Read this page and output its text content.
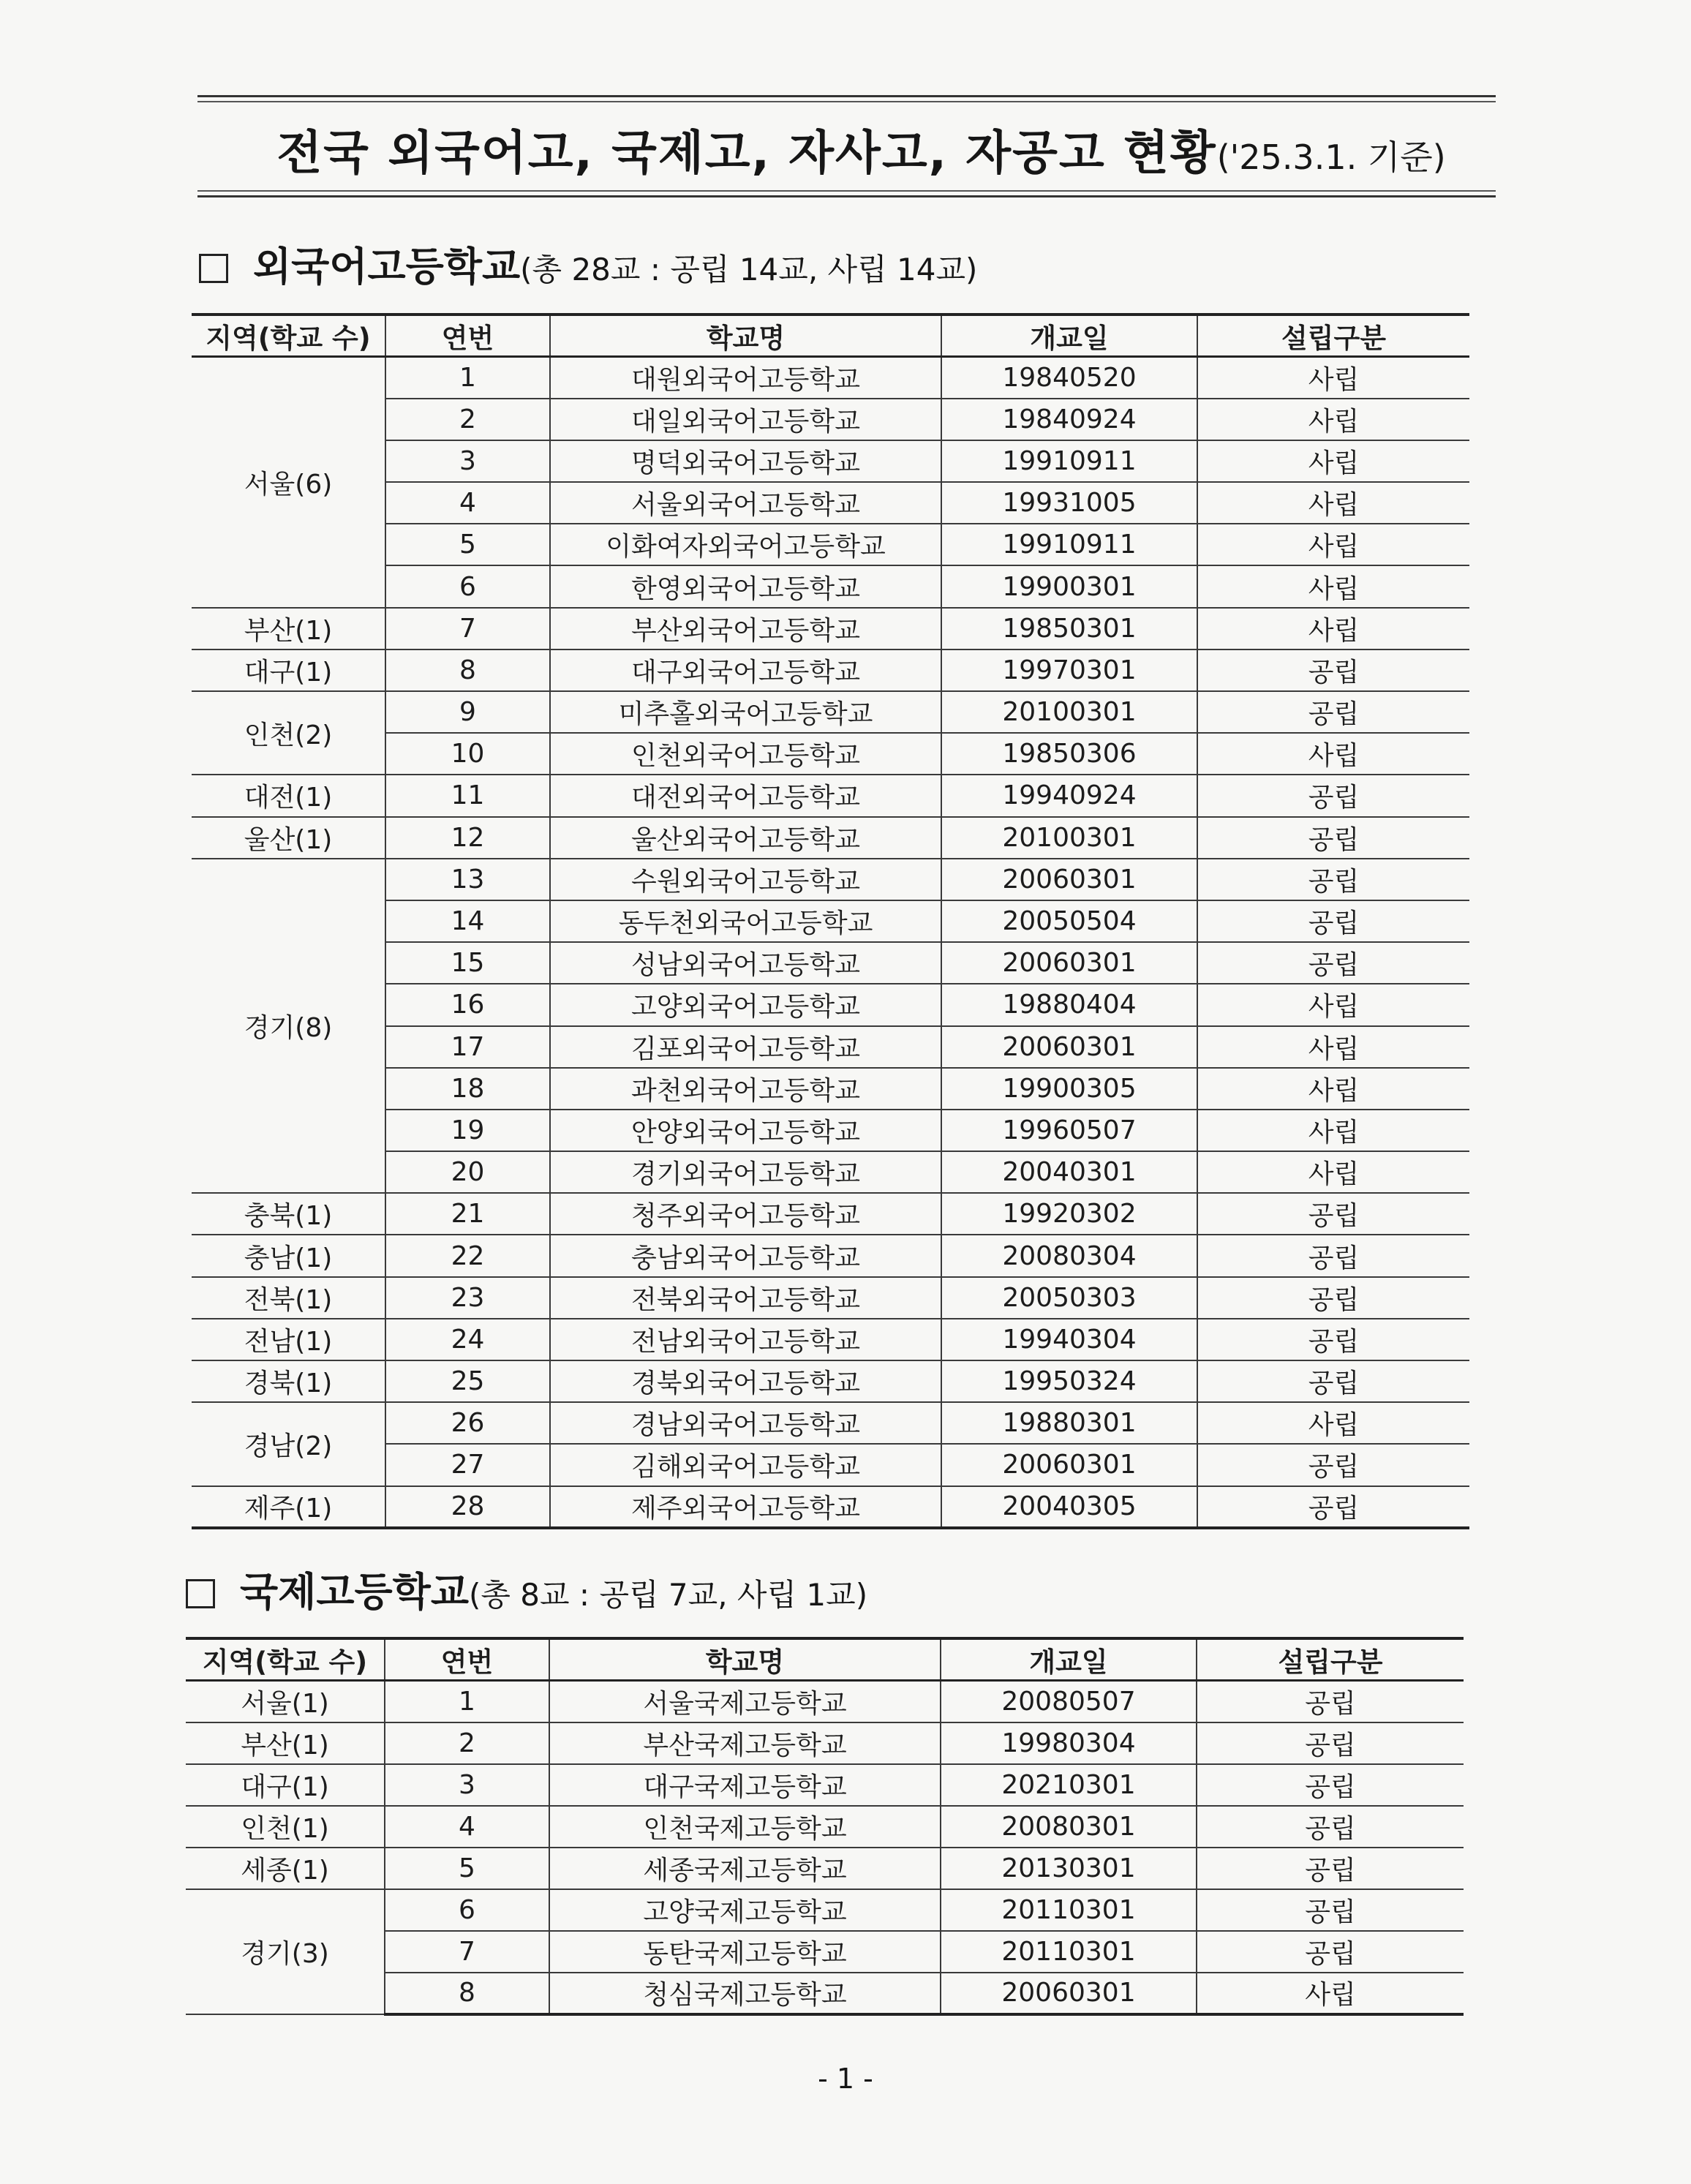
전국 외국어고, 국제고, 자사고, 자공고 현황('25.3.1. 기준)
외국어고등학교(총 28교 : 공립 14교, 사립 14교)
지역(학교 수)	연번	학교명	개교일	설립구분
서울(6)	1	대원외국어고등학교	19840520	사립
	2	대일외국어고등학교	19840924	사립
	3	명덕외국어고등학교	19910911	사립
	4	서울외국어고등학교	19931005	사립
	5	이화여자외국어고등학교	19910911	사립
	6	한영외국어고등학교	19900301	사립
부산(1)	7	부산외국어고등학교	19850301	사립
대구(1)	8	대구외국어고등학교	19970301	공립
인천(2)	9	미추홀외국어고등학교	20100301	공립
	10	인천외국어고등학교	19850306	사립
대전(1)	11	대전외국어고등학교	19940924	공립
울산(1)	12	울산외국어고등학교	20100301	공립
경기(8)	13	수원외국어고등학교	20060301	공립
	14	동두천외국어고등학교	20050504	공립
	15	성남외국어고등학교	20060301	공립
	16	고양외국어고등학교	19880404	사립
	17	김포외국어고등학교	20060301	사립
	18	과천외국어고등학교	19900305	사립
	19	안양외국어고등학교	19960507	사립
	20	경기외국어고등학교	20040301	사립
충북(1)	21	청주외국어고등학교	19920302	공립
충남(1)	22	충남외국어고등학교	20080304	공립
전북(1)	23	전북외국어고등학교	20050303	공립
전남(1)	24	전남외국어고등학교	19940304	공립
경북(1)	25	경북외국어고등학교	19950324	공립
경남(2)	26	경남외국어고등학교	19880301	사립
	27	김해외국어고등학교	20060301	공립
제주(1)	28	제주외국어고등학교	20040305	공립
국제고등학교(총 8교 : 공립 7교, 사립 1교)
지역(학교 수)	연번	학교명	개교일	설립구분
서울(1)	1	서울국제고등학교	20080507	공립
부산(1)	2	부산국제고등학교	19980304	공립
대구(1)	3	대구국제고등학교	20210301	공립
인천(1)	4	인천국제고등학교	20080301	공립
세종(1)	5	세종국제고등학교	20130301	공립
경기(3)	6	고양국제고등학교	20110301	공립
	7	동탄국제고등학교	20110301	공립
	8	청심국제고등학교	20060301	사립
- 1 -
